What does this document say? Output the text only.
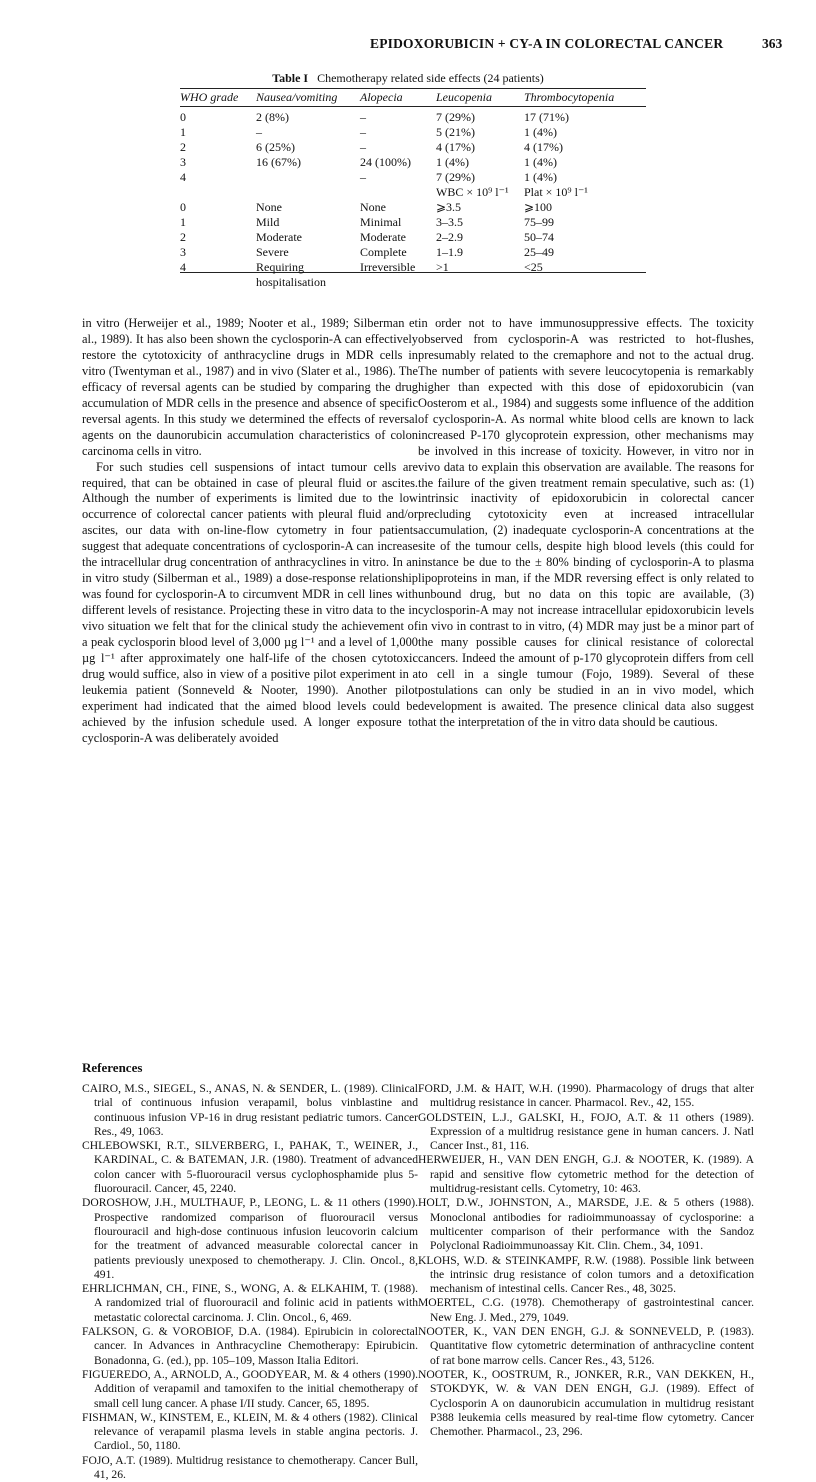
EPIDOXORUBICIN + CY-A IN COLORECTAL CANCER	363
Table I Chemotherapy related side effects (24 patients)
WHO grade	Nausea/vomiting	Alopecia	Leucopenia	Thrombocytopenia
0	2 (8%)	–	7 (29%)	17 (71%)
1	–	–	5 (21%)	1 (4%)
2	6 (25%)	–	4 (17%)	4 (17%)
3	16 (67%)	24 (100%)	1 (4%)	1 (4%)
4		–	7 (29%)	1 (4%)
			WBC × 10⁹ l⁻¹	Plat × 10⁹ l⁻¹
0	None	None	⩾3.5	⩾100
1	Mild	Minimal	3–3.5	75–99
2	Moderate	Moderate	2–2.9	50–74
3	Severe	Complete	1–1.9	25–49
4	Requiring hospitalisation	Irreversible	>1	<25

in vitro (Herweijer et al., 1989; Nooter et al., 1989; Silberman et al., 1989). It has also been shown the cyclosporin-A can effectively restore the cytotoxicity of anthracycline drugs in MDR cells in vitro (Twentyman et al., 1987) and in vivo (Slater et al., 1986). The efficacy of reversal agents can be studied by comparing the drug accumulation of MDR cells in the presence and absence of specific reversal agents. In this study we determined the effects of reversal agents on the daunorubicin accumulation characteristics of colon carcinoma cells in vitro.

For such studies cell suspensions of intact tumour cells are required, that can be obtained in case of pleural fluid or ascites. Although the number of experiments is limited due to the low occurrence of colorectal cancer patients with pleural fluid and/or ascites, our data with on-line-flow cytometry in four patients suggest that adequate concentrations of cyclosporin-A can increase the intracellular drug concentration of anthracyclines in vitro. In an in vitro study (Silberman et al., 1989) a dose-response relationship was found for cyclosporin-A to circumvent MDR in cell lines with different levels of resistance. Projecting these in vitro data to the in vivo situation we felt that for the clinical study the achievement of a peak cyclosporin blood level of 3,000 µg l⁻¹ and a level of 1,000 µg l⁻¹ after approximately one half-life of the chosen cytotoxic drug would suffice, also in view of a positive pilot experiment in a leukemia patient (Sonneveld & Nooter, 1990). Another pilot experiment had indicated that the aimed blood levels could be achieved by the infusion schedule used. A longer exposure to cyclosporin-A was deliberately avoided

in order not to have immunosuppressive effects. The toxicity observed from cyclosporin-A was restricted to hot-flushes, presumably related to the cremaphore and not to the actual drug. The number of patients with severe leucocytopenia is remarkably higher than expected with this dose of epidoxorubicin (van Oosterom et al., 1984) and suggests some influence of the addition of cyclosporin-A. As normal white blood cells are known to lack increased P-170 glycoprotein expression, other mechanisms may be involved in this increase of toxicity. However, in vitro nor in vivo data to explain this observation are available. The reasons for the failure of the given treatment remain speculative, such as: (1) intrinsic inactivity of epidoxorubicin in colorectal cancer precluding cytotoxicity even at increased intracellular accumulation, (2) inadequate cyclosporin-A concentrations at the site of the tumour cells, despite high blood levels (this could for instance be due to the ± 80% binding of cyclosporin-A to plasma lipoproteins in man, if the MDR reversing effect is only related to unbound drug, but no data on this topic are available, (3) cyclosporin-A may not increase intracellular epidoxorubicin levels in vivo in contrast to in vitro, (4) MDR may just be a minor part of the many possible causes for clinical resistance of colorectal cancers. Indeed the amount of p-170 glycoprotein differs from cell to cell in a single tumour (Fojo, 1989). Several of these postulations can only be studied in an in vivo model, which development is awaited. The presence clinical data also suggest that the interpretation of the in vitro data should be cautious.

References

CAIRO, M.S., SIEGEL, S., ANAS, N. & SENDER, L. (1989). Clinical trial of continuous infusion verapamil, bolus vinblastine and continuous infusion VP-16 in drug resistant pediatric tumors. Cancer Res., 49, 1063.

CHLEBOWSKI, R.T., SILVERBERG, I., PAHAK, T., WEINER, J., KARDINAL, C. & BATEMAN, J.R. (1980). Treatment of advanced colon cancer with 5-fluorouracil versus cyclophosphamide plus 5-fluorouracil. Cancer, 45, 2240.

DOROSHOW, J.H., MULTHAUF, P., LEONG, L. & 11 others (1990). Prospective randomized comparison of fluorouracil versus flourouracil and high-dose continuous infusion leucovorin calcium for the treatment of advanced measurable colorectal cancer in patients previously unexposed to chemotherapy. J. Clin. Oncol., 8, 491.

EHRLICHMAN, CH., FINE, S., WONG, A. & ELKAHIM, T. (1988). A randomized trial of fluorouracil and folinic acid in patients with metastatic colorectal carcinoma. J. Clin. Oncol., 6, 469.

FALKSON, G. & VOROBIOF, D.A. (1984). Epirubicin in colorectal cancer. In Advances in Anthracycline Chemotherapy: Epirubicin. Bonadonna, G. (ed.), pp. 105–109, Masson Italia Editori.

FIGUEREDO, A., ARNOLD, A., GOODYEAR, M. & 4 others (1990). Addition of verapamil and tamoxifen to the initial chemotherapy of small cell lung cancer. A phase I/II study. Cancer, 65, 1895.

FISHMAN, W., KINSTEM, E., KLEIN, M. & 4 others (1982). Clinical relevance of verapamil plasma levels in stable angina pectoris. J. Cardiol., 50, 1180.

FOJO, A.T. (1989). Multidrug resistance to chemotherapy. Cancer Bull, 41, 26.

FORD, J.M. & HAIT, W.H. (1990). Pharmacology of drugs that alter multidrug resistance in cancer. Pharmacol. Rev., 42, 155.

GOLDSTEIN, L.J., GALSKI, H., FOJO, A.T. & 11 others (1989). Expression of a multidrug resistance gene in human cancers. J. Natl Cancer Inst., 81, 116.

HERWEIJER, H., VAN DEN ENGH, G.J. & NOOTER, K. (1989). A rapid and sensitive flow cytometric method for the detection of multidrug-resistant cells. Cytometry, 10: 463.

HOLT, D.W., JOHNSTON, A., MARSDE, J.E. & 5 others (1988). Monoclonal antibodies for radioimmunoassay of cyclosporine: a multicenter comparison of their performance with the Sandoz Polyclonal Radioimmunoassay Kit. Clin. Chem., 34, 1091.

KLOHS, W.D. & STEINKAMPF, R.W. (1988). Possible link between the intrinsic drug resistance of colon tumors and a detoxification mechanism of intestinal cells. Cancer Res., 48, 3025.

MOERTEL, C.G. (1978). Chemotherapy of gastrointestinal cancer. New Eng. J. Med., 279, 1049.

NOOTER, K., VAN DEN ENGH, G.J. & SONNEVELD, P. (1983). Quantitative flow cytometric determination of anthracycline content of rat bone marrow cells. Cancer Res., 43, 5126.

NOOTER, K., OOSTRUM, R., JONKER, R.R., VAN DEKKEN, H., STOKDYK, W. & VAN DEN ENGH, G.J. (1989). Effect of Cyclosporin A on daunorubicin accumulation in multidrug resistant P388 leukemia cells measured by real-time flow cytometry. Cancer Chemother. Pharmacol., 23, 296.
